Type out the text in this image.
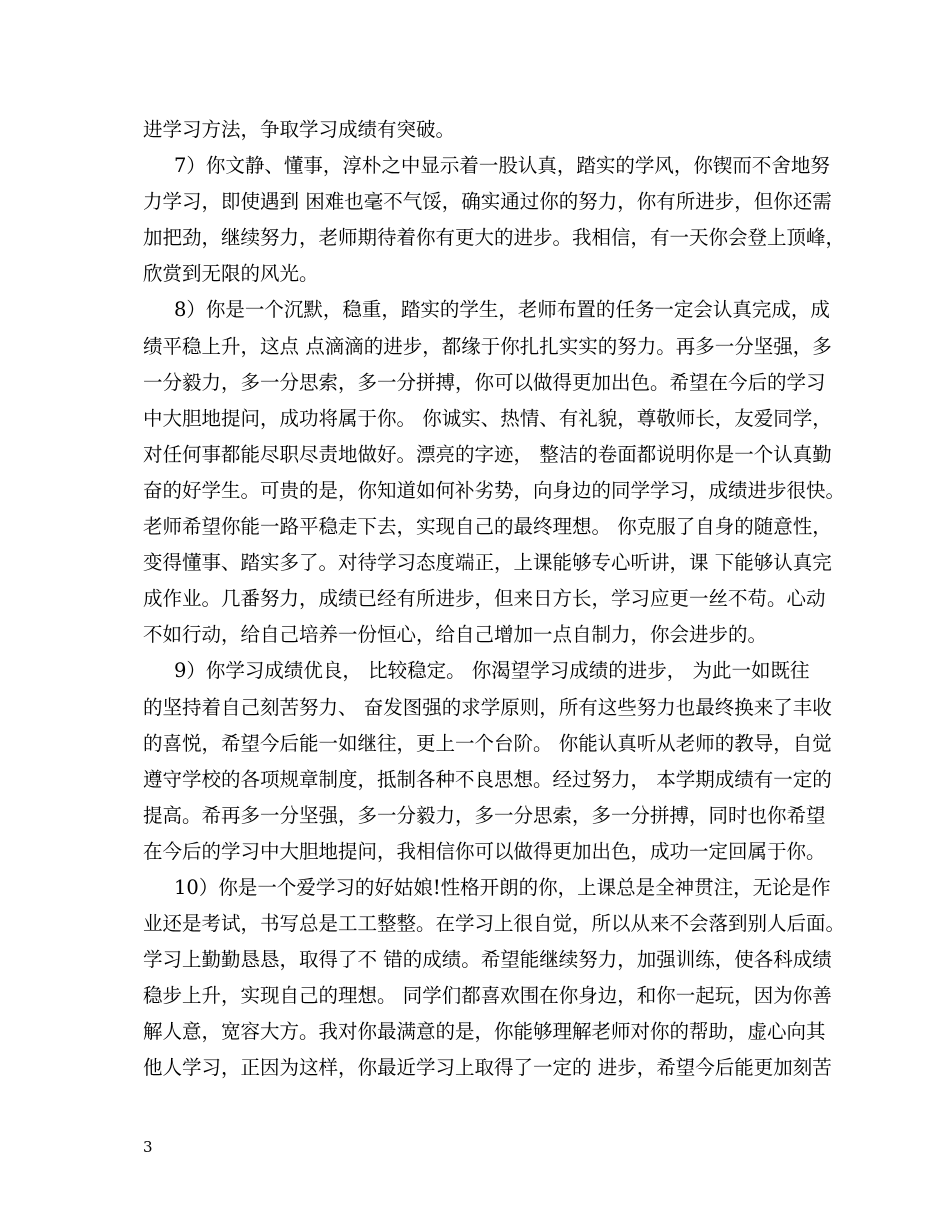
进学习方法，争取学习成绩有突破。
7）你文静、懂事，淳朴之中显示着一股认真，踏实的学风，你锲而不舍地努
力学习，即使遇到 困难也毫不气馁，确实通过你的努力，你有所进步，但你还需
加把劲，继续努力，老师期待着你有更大的进步。我相信，有一天你会登上顶峰，
欣赏到无限的风光。
8）你是一个沉默，稳重，踏实的学生，老师布置的任务一定会认真完成，成
绩平稳上升，这点 点滴滴的进步，都缘于你扎扎实实的努力。再多一分坚强，多
一分毅力，多一分思索，多一分拼搏，你可以做得更加出色。希望在今后的学习
中大胆地提问，成功将属于你。 你诚实、热情、有礼貌，尊敬师长，友爱同学，
对任何事都能尽职尽责地做好。漂亮的字迹， 整洁的卷面都说明你是一个认真勤
奋的好学生。可贵的是，你知道如何补劣势，向身边的同学学习，成绩进步很快。
老师希望你能一路平稳走下去，实现自己的最终理想。 你克服了自身的随意性，
变得懂事、踏实多了。对待学习态度端正，上课能够专心听讲，课 下能够认真完
成作业。几番努力，成绩已经有所进步，但来日方长，学习应更一丝不苟。心动
不如行动，给自己培养一份恒心，给自己增加一点自制力，你会进步的。
9）你学习成绩优良， 比较稳定。 你渴望学习成绩的进步， 为此一如既往
的坚持着自己刻苦努力、 奋发图强的求学原则，所有这些努力也最终换来了丰收
的喜悦，希望今后能一如继往，更上一个台阶。 你能认真听从老师的教导，自觉
遵守学校的各项规章制度，抵制各种不良思想。经过努力， 本学期成绩有一定的
提高。希再多一分坚强，多一分毅力，多一分思索，多一分拼搏，同时也你希望
在今后的学习中大胆地提问，我相信你可以做得更加出色，成功一定回属于你。
10）你是一个爱学习的好姑娘!性格开朗的你，上课总是全神贯注，无论是作
业还是考试，书写总是工工整整。在学习上很自觉，所以从来不会落到别人后面。
学习上勤勤恳恳，取得了不 错的成绩。希望能继续努力，加强训练，使各科成绩
稳步上升，实现自己的理想。 同学们都喜欢围在你身边，和你一起玩，因为你善
解人意，宽容大方。我对你最满意的是，你能够理解老师对你的帮助，虚心向其
他人学习，正因为这样，你最近学习上取得了一定的 进步，希望今后能更加刻苦
3
